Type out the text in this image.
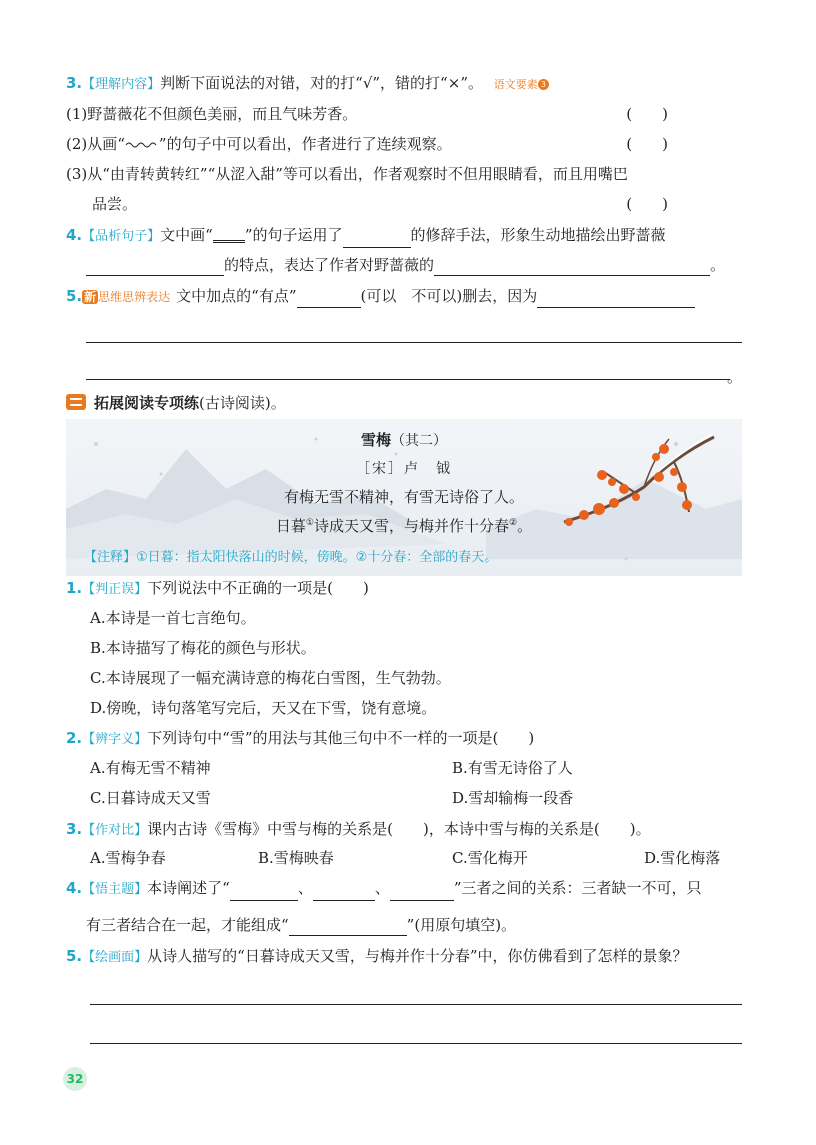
3.【理解内容】判断下面说法的对错，对的打“√”，错的打“×”。 语文要素 3
(1)野蔷薇花不但颜色美丽，而且气味芳香。	(　　)
(2)从画“ ”的句子中可以看出，作者进行了连续观察。	(　　)
(3)从“由青转黄转红”“从涩入甜”等可以看出，作者观察时不但用眼睛看，而且用嘴巴
品尝。	(　　)
4.【品析句子】文中画“ ”的句子运用了	的修辞手法，形象生动地描绘出野蔷薇
的特点，表达了作者对野蔷薇的	。
5. 新 思维思辨表达 文中加点的“有点”	(可以　不可以)删去，因为
。
拓展阅读专项练(古诗阅读)。
雪梅（其二）
［宋］卢　钺
有梅无雪不精神，有雪无诗俗了人。
日暮①诗成天又雪，与梅并作十分春②。
【注释】①日暮：指太阳快落山的时候，傍晚。②十分春：全部的春天。
1.【判正误】下列说法中不正确的一项是(　　)
A.本诗是一首七言绝句。
B.本诗描写了梅花的颜色与形状。
C.本诗展现了一幅充满诗意的梅花白雪图，生气勃勃。
D.傍晚，诗句落笔写完后，天又在下雪，饶有意境。
2.【辨字义】下列诗句中“雪”的用法与其他三句中不一样的一项是(　　)
A.有梅无雪不精神	B.有雪无诗俗了人
C.日暮诗成天又雪	D.雪却输梅一段香
3.【作对比】课内古诗《雪梅》中雪与梅的关系是(　　)，本诗中雪与梅的关系是(　　)。
A.雪梅争春	B.雪梅映春	C.雪化梅开	D.雪化梅落
4.【悟主题】本诗阐述了“	、	、	”三者之间的关系：三者缺一不可，只
有三者结合在一起，才能组成“	”(用原句填空)。
5.【绘画面】从诗人描写的“日暮诗成天又雪，与梅并作十分春”中，你仿佛看到了怎样的景象？
32
